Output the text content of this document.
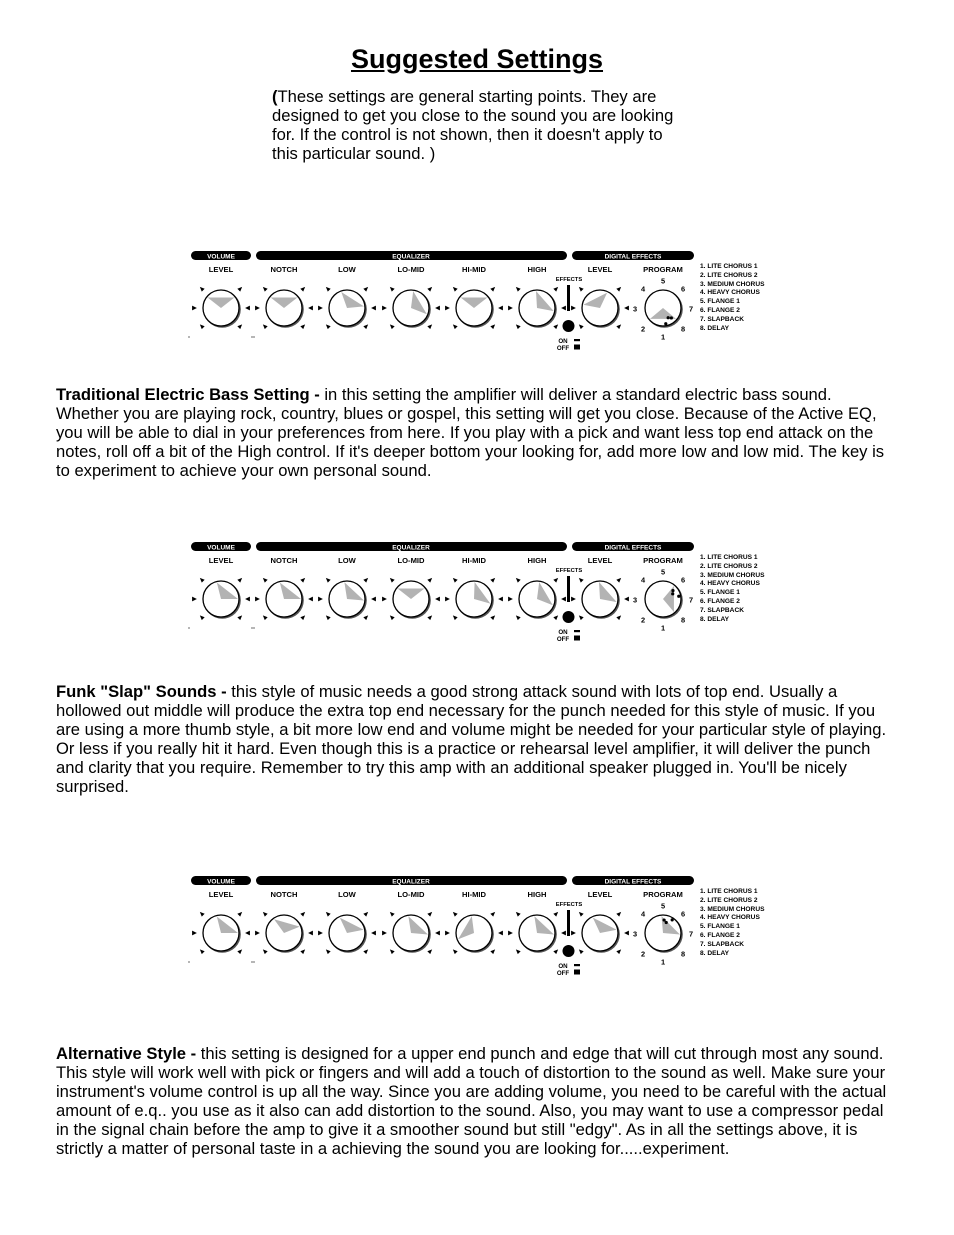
Suggested Settings

(These settings are general starting points. They are designed to get you close to the sound you are looking for. If the control is not shown, then it doesn't apply to this particular sound. )

VOLUME	EQUALIZER	DIGITAL EFFECTS
LEVEL	NOTCH	LOW	LO-MID	HI-MID	HIGH	LEVEL
EFFECTS
ON
OFF
PROGRAM
5
6
7
8
1
2
3
4
1. LITE CHORUS 1
2. LITE CHORUS 2
3. MEDIUM CHORUS
4. HEAVY CHORUS
5. FLANGE 1
6. FLANGE 2
7. SLAPBACK
8. DELAY

Traditional Electric Bass Setting - in this setting the amplifier will deliver a standard electric bass sound. Whether you are playing rock, country, blues or gospel, this setting will get you close. Because of the Active EQ, you will be able to dial in your preferences from here. If you play with a pick and want less top end attack on the notes, roll off a bit of the High control. If it's deeper bottom your looking for, add more low and low mid. The key is to experiment to achieve your own personal sound.

VOLUME	EQUALIZER	DIGITAL EFFECTS
LEVEL	NOTCH	LOW	LO-MID	HI-MID	HIGH	LEVEL
EFFECTS
ON
OFF
PROGRAM
5
6
7
8
1
2
3
4
1. LITE CHORUS 1
2. LITE CHORUS 2
3. MEDIUM CHORUS
4. HEAVY CHORUS
5. FLANGE 1
6. FLANGE 2
7. SLAPBACK
8. DELAY

Funk "Slap" Sounds - this style of music needs a good strong attack sound with lots of top end. Usually a hollowed out middle will produce the extra top end necessary for the punch needed for this style of music. If you are using a more thumb style, a bit more low end and volume might be needed for your particular style of playing. Or less if you really hit it hard. Even though this is a practice or rehearsal level amplifier, it will deliver the punch and clarity that you require. Remember to try this amp with an additional speaker plugged in. You'll be nicely surprised.

VOLUME	EQUALIZER	DIGITAL EFFECTS
LEVEL	NOTCH	LOW	LO-MID	HI-MID	HIGH	LEVEL
EFFECTS
ON
OFF
PROGRAM
5
6
7
8
1
2
3
4
1. LITE CHORUS 1
2. LITE CHORUS 2
3. MEDIUM CHORUS
4. HEAVY CHORUS
5. FLANGE 1
6. FLANGE 2
7. SLAPBACK
8. DELAY

Alternative Style - this setting is designed for a upper end punch and edge that will cut through most any sound. This style will work well with pick or fingers and will add a touch of distortion to the sound as well. Make sure your instrument's volume control is up all the way. Since you are adding volume, you need to be careful with the actual amount of e.q.. you use as it also can add distortion to the sound. Also, you may want to use a compressor pedal in the signal chain before the amp to give it a smoother sound but still "edgy". As in all the settings above, it is strictly a matter of personal taste in a achieving the sound you are looking for.....experiment.
